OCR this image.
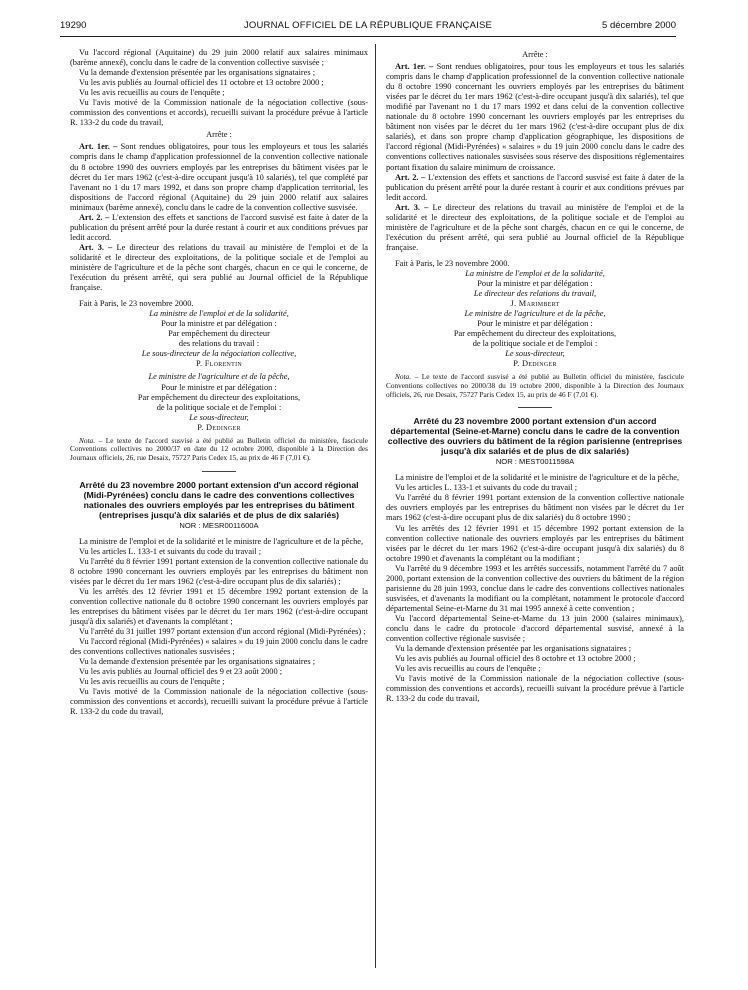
19290	JOURNAL OFFICIEL DE LA RÉPUBLIQUE FRANÇAISE	5 décembre 2000

Vu l'accord régional (Aquitaine) du 29 juin 2000 relatif aux salaires minimaux (barème annexé), conclu dans le cadre de la convention collective susvisée ;

Vu la demande d'extension présentée par les organisations signataires ;

Vu les avis publiés au Journal officiel des 11 octobre et 13 octobre 2000 ;

Vu les avis recueillis au cours de l'enquête ;

Vu l'avis motivé de la Commission nationale de la négociation collective (sous-commission des conventions et accords), recueilli suivant la procédure prévue à l'article R. 133-2 du code du travail,

Arrête :

Art. 1er. – Sont rendues obligatoires, pour tous les employeurs et tous les salariés compris dans le champ d'application professionnel de la convention collective nationale du 8 octobre 1990 des ouvriers employés par les entreprises du bâtiment visées par le décret du 1er mars 1962 (c'est-à-dire occupant jusqu'à 10 salariés), tel que complété par l'avenant no 1 du 17 mars 1992, et dans son propre champ d'application territorial, les dispositions de l'accord régional (Aquitaine) du 29 juin 2000 relatif aux salaires minimaux (barème annexé), conclu dans le cadre de la convention collective susvisée.

Art. 2. – L'extension des effets et sanctions de l'accord susvisé est faite à dater de la publication du présent arrêté pour la durée restant à courir et aux conditions prévues par ledit accord.

Art. 3. – Le directeur des relations du travail au ministère de l'emploi et de la solidarité et le directeur des exploitations, de la politique sociale et de l'emploi au ministère de l'agriculture et de la pêche sont chargés, chacun en ce qui le concerne, de l'exécution du présent arrêté, qui sera publié au Journal officiel de la République française.

Fait à Paris, le 23 novembre 2000.

La ministre de l'emploi et de la solidarité,

Pour la ministre et par délégation :

Par empêchement du directeur

des relations du travail :

Le sous-directeur de la négociation collective,

P. Florentin

Le ministre de l'agriculture et de la pêche,

Pour le ministre et par délégation :

Par empêchement du directeur des exploitations,

de la politique sociale et de l'emploi :

Le sous-directeur,

P. Dedinger

Nota. – Le texte de l'accord susvisé a été publié au Bulletin officiel du ministère, fascicule Conventions collectives no 2000/37 en date du 12 octobre 2000, disponible à la Direction des Journaux officiels, 26, rue Desaix, 75727 Paris Cedex 15, au prix de 46 F (7,01 €).

Arrêté du 23 novembre 2000 portant extension d'un accord régional (Midi-Pyrénées) conclu dans le cadre des conventions collectives nationales des ouvriers employés par les entreprises du bâtiment (entreprises jusqu'à dix salariés et de plus de dix salariés)

NOR : MESR0011600A

La ministre de l'emploi et de la solidarité et le ministre de l'agriculture et de la pêche,

Vu les articles L. 133-1 et suivants du code du travail ;

Vu l'arrêté du 8 février 1991 portant extension de la convention collective nationale du 8 octobre 1990 concernant les ouvriers employés par les entreprises du bâtiment non visées par le décret du 1er mars 1962 (c'est-à-dire occupant plus de dix salariés) ;

Vu les arrêtés des 12 février 1991 et 15 décembre 1992 portant extension de la convention collective nationale du 8 octobre 1990 concernant les ouvriers employés par les entreprises du bâtiment visées par le décret du 1er mars 1962 (c'est-à-dire occupant jusqu'à dix salariés) et d'avenants la complétant ;

Vu l'arrêté du 31 juillet 1997 portant extension d'un accord régional (Midi-Pyrénées) ;

Vu l'accord régional (Midi-Pyrénées) « salaires » du 19 juin 2000 conclu dans le cadre des conventions collectives nationales susvisées ;

Vu la demande d'extension présentée par les organisations signataires ;

Vu les avis publiés au Journal officiel des 9 et 23 août 2000 ;

Vu les avis recueillis au cours de l'enquête ;

Vu l'avis motivé de la Commission nationale de la négociation collective (sous-commission des conventions et accords), recueilli suivant la procédure prévue à l'article R. 133-2 du code du travail,

Arrête :

Art. 1er. – Sont rendues obligatoires, pour tous les employeurs et tous les salariés compris dans le champ d'application professionnel de la convention collective nationale du 8 octobre 1990 concernant les ouvriers employés par les entreprises du bâtiment visées par le décret du 1er mars 1962 (c'est-à-dire occupant jusqu'à dix salariés), tel que modifié par l'avenant no 1 du 17 mars 1992 et dans celui de la convention collective nationale du 8 octobre 1990 concernant les ouvriers employés par les entreprises du bâtiment non visées par le décret du 1er mars 1962 (c'est-à-dire occupant plus de dix salariés), et dans son propre champ d'application géographique, les dispositions de l'accord régional (Midi-Pyrénées) « salaires » du 19 juin 2000 conclu dans le cadre des conventions collectives nationales susvisées sous réserve des dispositions réglementaires portant fixation du salaire minimum de croissance.

Art. 2. – L'extension des effets et sanctions de l'accord susvisé est faite à dater de la publication du présent arrêté pour la durée restant à courir et aux conditions prévues par ledit accord.

Art. 3. – Le directeur des relations du travail au ministère de l'emploi et de la solidarité et le directeur des exploitations, de la politique sociale et de l'emploi au ministère de l'agriculture et de la pêche sont chargés, chacun en ce qui le concerne, de l'exécution du présent arrêté, qui sera publié au Journal officiel de la République française.

Fait à Paris, le 23 novembre 2000.

La ministre de l'emploi et de la solidarité,

Pour la ministre et par délégation :

Le directeur des relations du travail,

J. Marimbert

Le ministre de l'agriculture et de la pêche,

Pour le ministre et par délégation :

Par empêchement du directeur des exploitations,

de la politique sociale et de l'emploi :

Le sous-directeur,

P. Dedinger

Nota. – Le texte de l'accord susvisé a été publié au Bulletin officiel du ministère, fascicule Conventions collectives no 2000/38 du 19 octobre 2000, disponible à la Direction des Journaux officiels, 26, rue Desaix, 75727 Paris Cedex 15, au prix de 46 F (7,01 €).

Arrêté du 23 novembre 2000 portant extension d'un accord départemental (Seine-et-Marne) conclu dans le cadre de la convention collective des ouvriers du bâtiment de la région parisienne (entreprises jusqu'à dix salariés et de plus de dix salariés)

NOR : MEST0011598A

La ministre de l'emploi et de la solidarité et le ministre de l'agriculture et de la pêche,

Vu les articles L. 133-1 et suivants du code du travail ;

Vu l'arrêté du 8 février 1991 portant extension de la convention collective nationale des ouvriers employés par les entreprises du bâtiment non visées par le décret du 1er mars 1962 (c'est-à-dire occupant plus de dix salariés) du 8 octobre 1990 ;

Vu les arrêtés des 12 février 1991 et 15 décembre 1992 portant extension de la convention collective nationale des ouvriers employés par les entreprises du bâtiment visées par le décret du 1er mars 1962 (c'est-à-dire occupant jusqu'à dix salariés) du 8 octobre 1990 et d'avenants la complétant ou la modifiant ;

Vu l'arrêté du 9 décembre 1993 et les arrêtés successifs, notamment l'arrêté du 7 août 2000, portant extension de la convention collective des ouvriers du bâtiment de la région parisienne du 28 juin 1993, conclue dans le cadre des conventions collectives nationales susvisées, et d'avenants la modifiant ou la complétant, notamment le protocole d'accord départemental Seine-et-Marne du 31 mai 1995 annexé à cette convention ;

Vu l'accord départemental Seine-et-Marne du 13 juin 2000 (salaires minimaux), conclu dans le cadre du protocole d'accord départemental susvisé, annexé à la convention collective régionale susvisée ;

Vu la demande d'extension présentée par les organisations signataires ;

Vu les avis publiés au Journal officiel des 8 octobre et 13 octobre 2000 ;

Vu les avis recueillis au cours de l'enquête ;

Vu l'avis motivé de la Commission nationale de la négociation collective (sous-commission des conventions et accords), recueilli suivant la procédure prévue à l'article R. 133-2 du code du travail,
